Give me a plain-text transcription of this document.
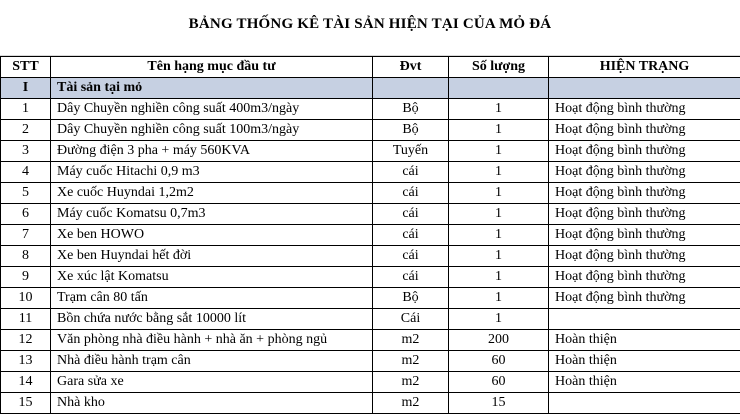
BẢNG THỐNG KÊ TÀI SẢN HIỆN TẠI CỦA MỎ ĐÁ
STT	Tên hạng mục đầu tư	Đvt	Số lượng	HIỆN TRẠNG
I	Tài sản tại mỏ			
1	Dây Chuyền nghiền công suất 400m3/ngày	Bộ	1	Hoạt động bình thường
2	Dây Chuyền nghiền công suất 100m3/ngày	Bộ	1	Hoạt động bình thường
3	Đường điện 3 pha + máy 560KVA	Tuyến	1	Hoạt động bình thường
4	Máy cuốc Hitachi 0,9 m3	cái	1	Hoạt động bình thường
5	Xe cuốc Huyndai 1,2m2	cái	1	Hoạt động bình thường
6	Máy cuốc Komatsu 0,7m3	cái	1	Hoạt động bình thường
7	Xe ben HOWO	cái	1	Hoạt động bình thường
8	Xe ben Huyndai hết đời	cái	1	Hoạt động bình thường
9	Xe xúc lật Komatsu	cái	1	Hoạt động bình thường
10	Trạm cân 80 tấn	Bộ	1	Hoạt động bình thường
11	Bồn chứa nước bằng sắt 10000 lít	Cái	1	
12	Văn phòng nhà điều hành + nhà ăn + phòng ngủ	m2	200	Hoàn thiện
13	Nhà điều hành trạm cân	m2	60	Hoàn thiện
14	Gara sửa xe	m2	60	Hoàn thiện
15	Nhà kho	m2	15	
